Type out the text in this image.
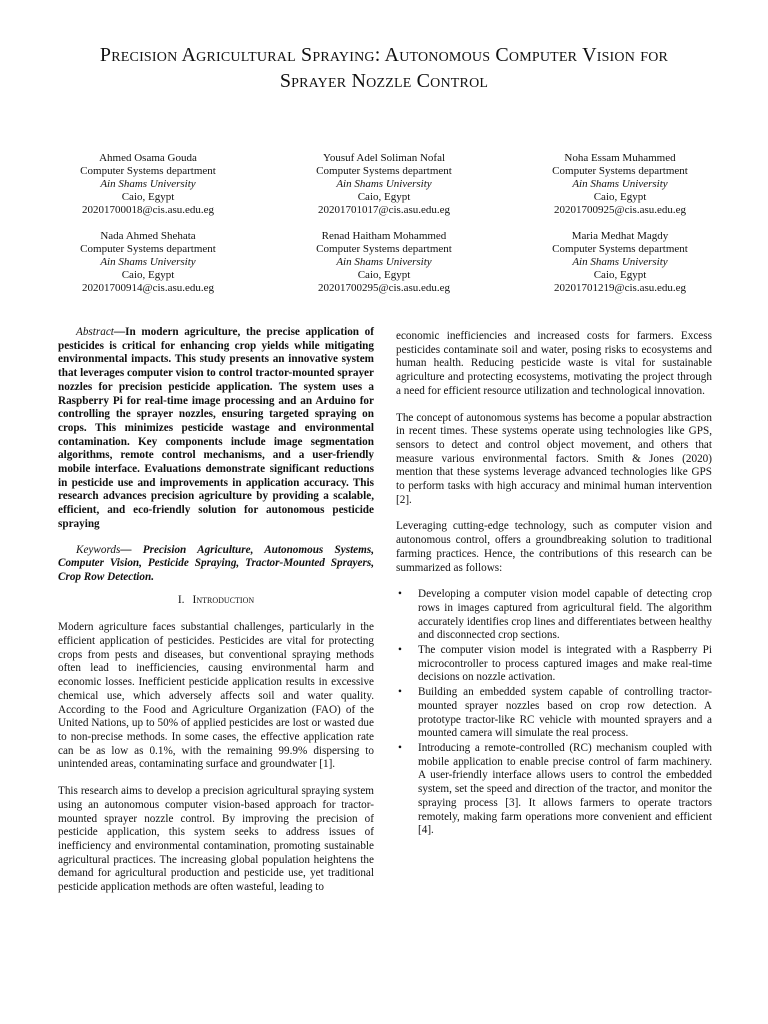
Precision Agricultural Spraying: Autonomous Computer Vision for
Sprayer Nozzle Control
Ahmed Osama Gouda
Computer Systems department
Ain Shams University
Caio, Egypt
20201700018@cis.asu.edu.eg
Yousuf Adel Soliman Nofal
Computer Systems department
Ain Shams University
Caio, Egypt
20201701017@cis.asu.edu.eg
Noha Essam Muhammed
Computer Systems department
Ain Shams University
Caio, Egypt
20201700925@cis.asu.edu.eg
Nada Ahmed Shehata
Computer Systems department
Ain Shams University
Caio, Egypt
20201700914@cis.asu.edu.eg
Renad Haitham Mohammed
Computer Systems department
Ain Shams University
Caio, Egypt
20201700295@cis.asu.edu.eg
Maria Medhat Magdy
Computer Systems department
Ain Shams University
Caio, Egypt
20201701219@cis.asu.edu.eg

Abstract—In modern agriculture, the precise application of pesticides is critical for enhancing crop yields while mitigating environmental impacts. This study presents an innovative system that leverages computer vision to control tractor-mounted sprayer nozzles for precision pesticide application. The system uses a Raspberry Pi for real-time image processing and an Arduino for controlling the sprayer nozzles, ensuring targeted spraying on crops. This minimizes pesticide wastage and environmental contamination. Key components include image segmentation algorithms, remote control mechanisms, and a user-friendly mobile interface. Evaluations demonstrate significant reductions in pesticide use and improvements in application accuracy. This research advances precision agriculture by providing a scalable, efficient, and eco-friendly solution for autonomous pesticide spraying

Keywords— Precision Agriculture, Autonomous Systems, Computer Vision, Pesticide Spraying, Tractor-Mounted Sprayers, Crop Row Detection.

I. Introduction

Modern agriculture faces substantial challenges, particularly in the efficient application of pesticides. Pesticides are vital for protecting crops from pests and diseases, but conventional spraying methods often lead to inefficiencies, causing environmental harm and economic losses. Inefficient pesticide application results in excessive chemical use, which adversely affects soil and water quality. According to the Food and Agriculture Organization (FAO) of the United Nations, up to 50% of applied pesticides are lost or wasted due to non-precise methods. In some cases, the effective application rate can be as low as 0.1%, with the remaining 99.9% dispersing to unintended areas, contaminating surface and groundwater [1].

This research aims to develop a precision agricultural spraying system using an autonomous computer vision-based approach for tractor-mounted sprayer nozzle control. By improving the precision of pesticide application, this system seeks to address issues of inefficiency and environmental contamination, promoting sustainable agricultural practices. The increasing global population heightens the demand for agricultural production and pesticide use, yet traditional pesticide application methods are often wasteful, leading to

economic inefficiencies and increased costs for farmers. Excess pesticides contaminate soil and water, posing risks to ecosystems and human health. Reducing pesticide waste is vital for sustainable agriculture and protecting ecosystems, motivating the project through a need for efficient resource utilization and technological innovation.

The concept of autonomous systems has become a popular abstraction in recent times. These systems operate using technologies like GPS, sensors to detect and control object movement, and others that measure various environmental factors. Smith & Jones (2020) mention that these systems leverage advanced technologies like GPS to perform tasks with high accuracy and minimal human intervention [2].

Leveraging cutting-edge technology, such as computer vision and autonomous control, offers a groundbreaking solution to traditional farming practices. Hence, the contributions of this research can be summarized as follows:

• Developing a computer vision model capable of detecting crop rows in images captured from agricultural field. The algorithm accurately identifies crop lines and differentiates between healthy and disconnected crop sections.
• The computer vision model is integrated with a Raspberry Pi microcontroller to process captured images and make real-time decisions on nozzle activation.
• Building an embedded system capable of controlling tractor-mounted sprayer nozzles based on crop row detection. A prototype tractor-like RC vehicle with mounted sprayers and a mounted camera will simulate the real process.
• Introducing a remote-controlled (RC) mechanism coupled with mobile application to enable precise control of farm machinery. A user-friendly interface allows users to control the embedded system, set the speed and direction of the tractor, and monitor the spraying process [3]. It allows farmers to operate tractors remotely, making farm operations more convenient and efficient [4].
